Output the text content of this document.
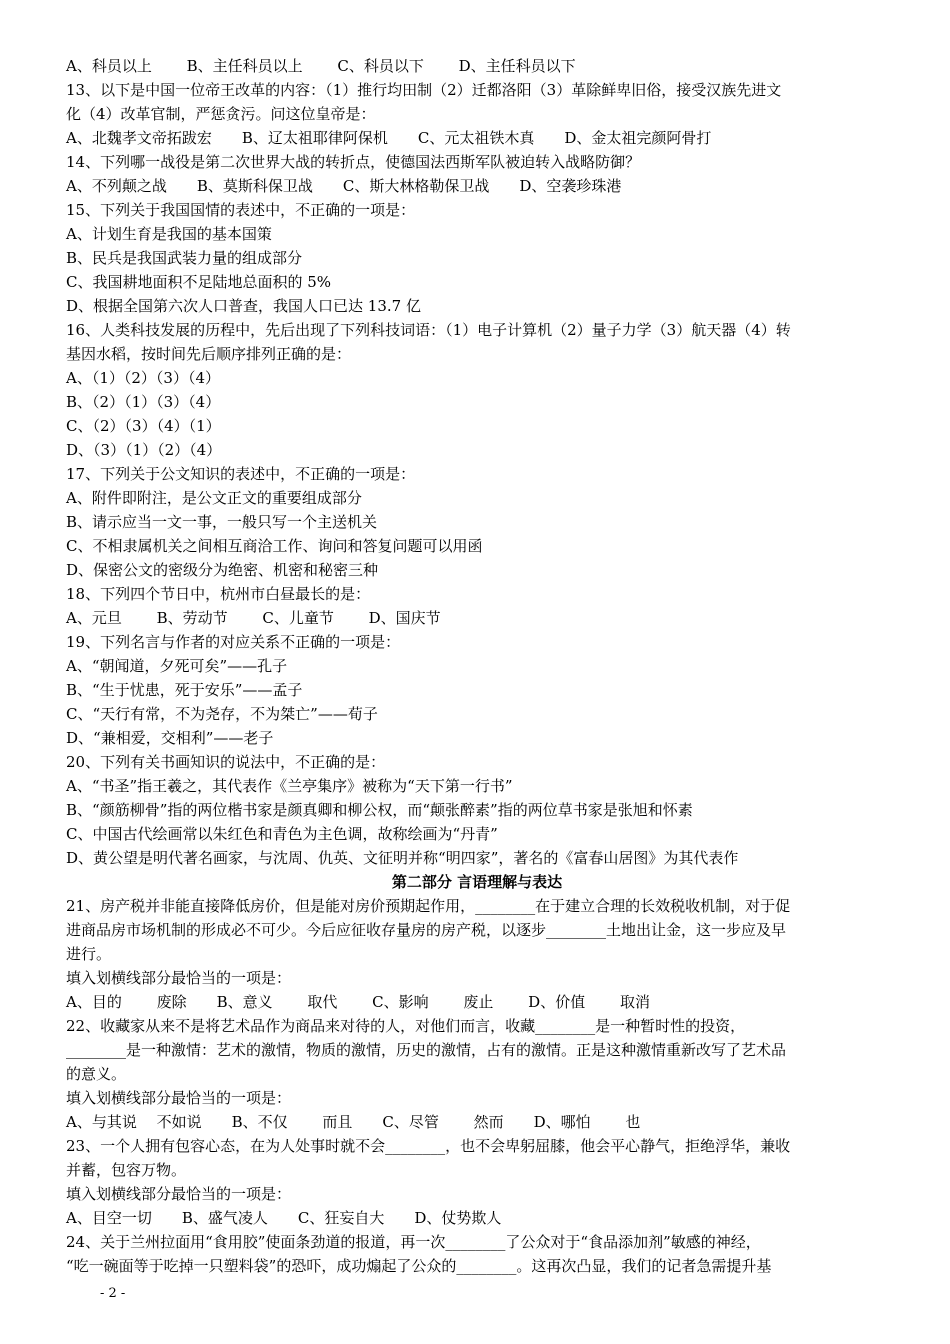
A、科员以上　　 B、主任科员以上　　 C、科员以下　　 D、主任科员以下
13、以下是中国一位帝王改革的内容：（1）推行均田制（2）迁都洛阳（3）革除鲜卑旧俗，接受汉族先进文
化（4）改革官制，严惩贪污。问这位皇帝是：
A、北魏孝文帝拓跋宏　　B、辽太祖耶律阿保机　　C、元太祖铁木真　　D、金太祖完颜阿骨打
14、下列哪一战役是第二次世界大战的转折点，使德国法西斯军队被迫转入战略防御？
A、不列颠之战　　B、莫斯科保卫战　　C、斯大林格勒保卫战　　D、空袭珍珠港
15、下列关于我国国情的表述中，不正确的一项是：
A、计划生育是我国的基本国策
B、民兵是我国武装力量的组成部分
C、我国耕地面积不足陆地总面积的 5%
D、根据全国第六次人口普查，我国人口已达 13.7 亿
16、人类科技发展的历程中，先后出现了下列科技词语：（1）电子计算机（2）量子力学（3）航天器（4）转
基因水稻，按时间先后顺序排列正确的是：
A、（1）（2）（3）（4）
B、（2）（1）（3）（4）
C、（2）（3）（4）（1）
D、（3）（1）（2）（4）
17、下列关于公文知识的表述中，不正确的一项是：
A、附件即附注，是公文正文的重要组成部分
B、请示应当一文一事，一般只写一个主送机关
C、不相隶属机关之间相互商洽工作、询问和答复问题可以用函
D、保密公文的密级分为绝密、机密和秘密三种
18、下列四个节日中，杭州市白昼最长的是：
A、元旦　　 B、劳动节　　 C、儿童节　　 D、国庆节
19、下列名言与作者的对应关系不正确的一项是：
A、“朝闻道，夕死可矣”——孔子
B、“生于忧患，死于安乐”——孟子
C、“天行有常，不为尧存，不为桀亡”——荀子
D、“兼相爱，交相利”——老子
20、下列有关书画知识的说法中，不正确的是：
A、“书圣”指王羲之，其代表作《兰亭集序》被称为“天下第一行书”
B、“颜筋柳骨”指的两位楷书家是颜真卿和柳公权，而“颠张醉素”指的两位草书家是张旭和怀素
C、中国古代绘画常以朱红色和青色为主色调，故称绘画为“丹青”
D、黄公望是明代著名画家，与沈周、仇英、文征明并称“明四家”，著名的《富春山居图》为其代表作
第二部分 言语理解与表达
21、房产税并非能直接降低房价，但是能对房价预期起作用，________在于建立合理的长效税收机制，对于促
进商品房市场机制的形成必不可少。今后应征收存量房的房产税，以逐步________土地出让金，这一步应及早
进行。
填入划横线部分最恰当的一项是：
A、目的　　 废除　　B、意义　　 取代　　 C、影响　　 废止　　 D、价值　　 取消
22、收藏家从来不是将艺术品作为商品来对待的人，对他们而言，收藏________是一种暂时性的投资，
________是一种激情：艺术的激情，物质的激情，历史的激情，占有的激情。正是这种激情重新改写了艺术品
的意义。
填入划横线部分最恰当的一项是：
A、与其说　 不如说　　B、不仅　　 而且　　C、尽管　　 然而　　D、哪怕　　 也
23、一个人拥有包容心态，在为人处事时就不会________，也不会卑躬屈膝，他会平心静气，拒绝浮华，兼收
并蓄，包容万物。
填入划横线部分最恰当的一项是：
A、目空一切　　B、盛气凌人　　C、狂妄自大　　D、仗势欺人
24、关于兰州拉面用“食用胶”使面条劲道的报道，再一次________了公众对于“食品添加剂”敏感的神经，
“吃一碗面等于吃掉一只塑料袋”的恐吓，成功煽起了公众的________。这再次凸显，我们的记者急需提升基
- 2 -
